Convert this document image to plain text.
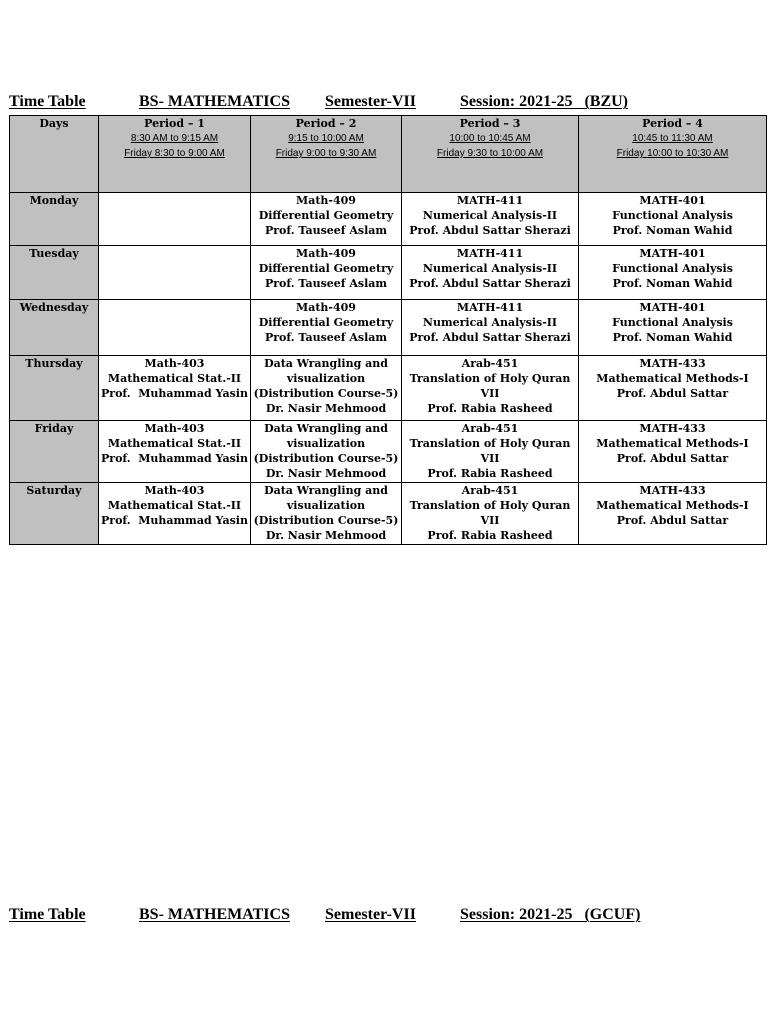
Time Table	BS- MATHEMATICS Semester-VII	Session: 2021-25   (BZU)
Days	Period – 1
8:30 AM to 9:15 AM
Friday 8:30 to 9:00 AM	Period – 2
9:15 to 10:00 AM
Friday 9:00 to 9:30 AM	Period – 3
10:00 to 10:45 AM
Friday 9:30 to 10:00 AM	Period – 4
10:45 to 11:30 AM
Friday 10:00 to 10:30 AM

Monday		Math-409
Differential Geometry
Prof. Tauseef Aslam	MATH-411
Numerical Analysis-II
Prof. Abdul Sattar Sherazi	MATH-401
Functional Analysis
Prof. Noman Wahid

Tuesday		Math-409
Differential Geometry
Prof. Tauseef Aslam	MATH-411
Numerical Analysis-II
Prof. Abdul Sattar Sherazi	MATH-401
Functional Analysis
Prof. Noman Wahid

Wednesday		Math-409
Differential Geometry
Prof. Tauseef Aslam	MATH-411
Numerical Analysis-II
Prof. Abdul Sattar Sherazi	MATH-401
Functional Analysis
Prof. Noman Wahid

Thursday	Math-403
Mathematical Stat.-II
Prof.  Muhammad Yasin	Data Wrangling and
visualization
(Distribution Course-5)
Dr. Nasir Mehmood	Arab-451
Translation of Holy Quran
VII
Prof. Rabia Rasheed	MATH-433
Mathematical Methods-I
Prof. Abdul Sattar

Friday	Math-403
Mathematical Stat.-II
Prof.  Muhammad Yasin	Data Wrangling and
visualization
(Distribution Course-5)
Dr. Nasir Mehmood	Arab-451
Translation of Holy Quran
VII
Prof. Rabia Rasheed	MATH-433
Mathematical Methods-I
Prof. Abdul Sattar

Saturday	Math-403
Mathematical Stat.-II
Prof.  Muhammad Yasin	Data Wrangling and
visualization
(Distribution Course-5)
Dr. Nasir Mehmood	Arab-451
Translation of Holy Quran
VII
Prof. Rabia Rasheed	MATH-433
Mathematical Methods-I
Prof. Abdul Sattar
Time Table	BS- MATHEMATICS Semester-VII	Session: 2021-25   (GCUF)
